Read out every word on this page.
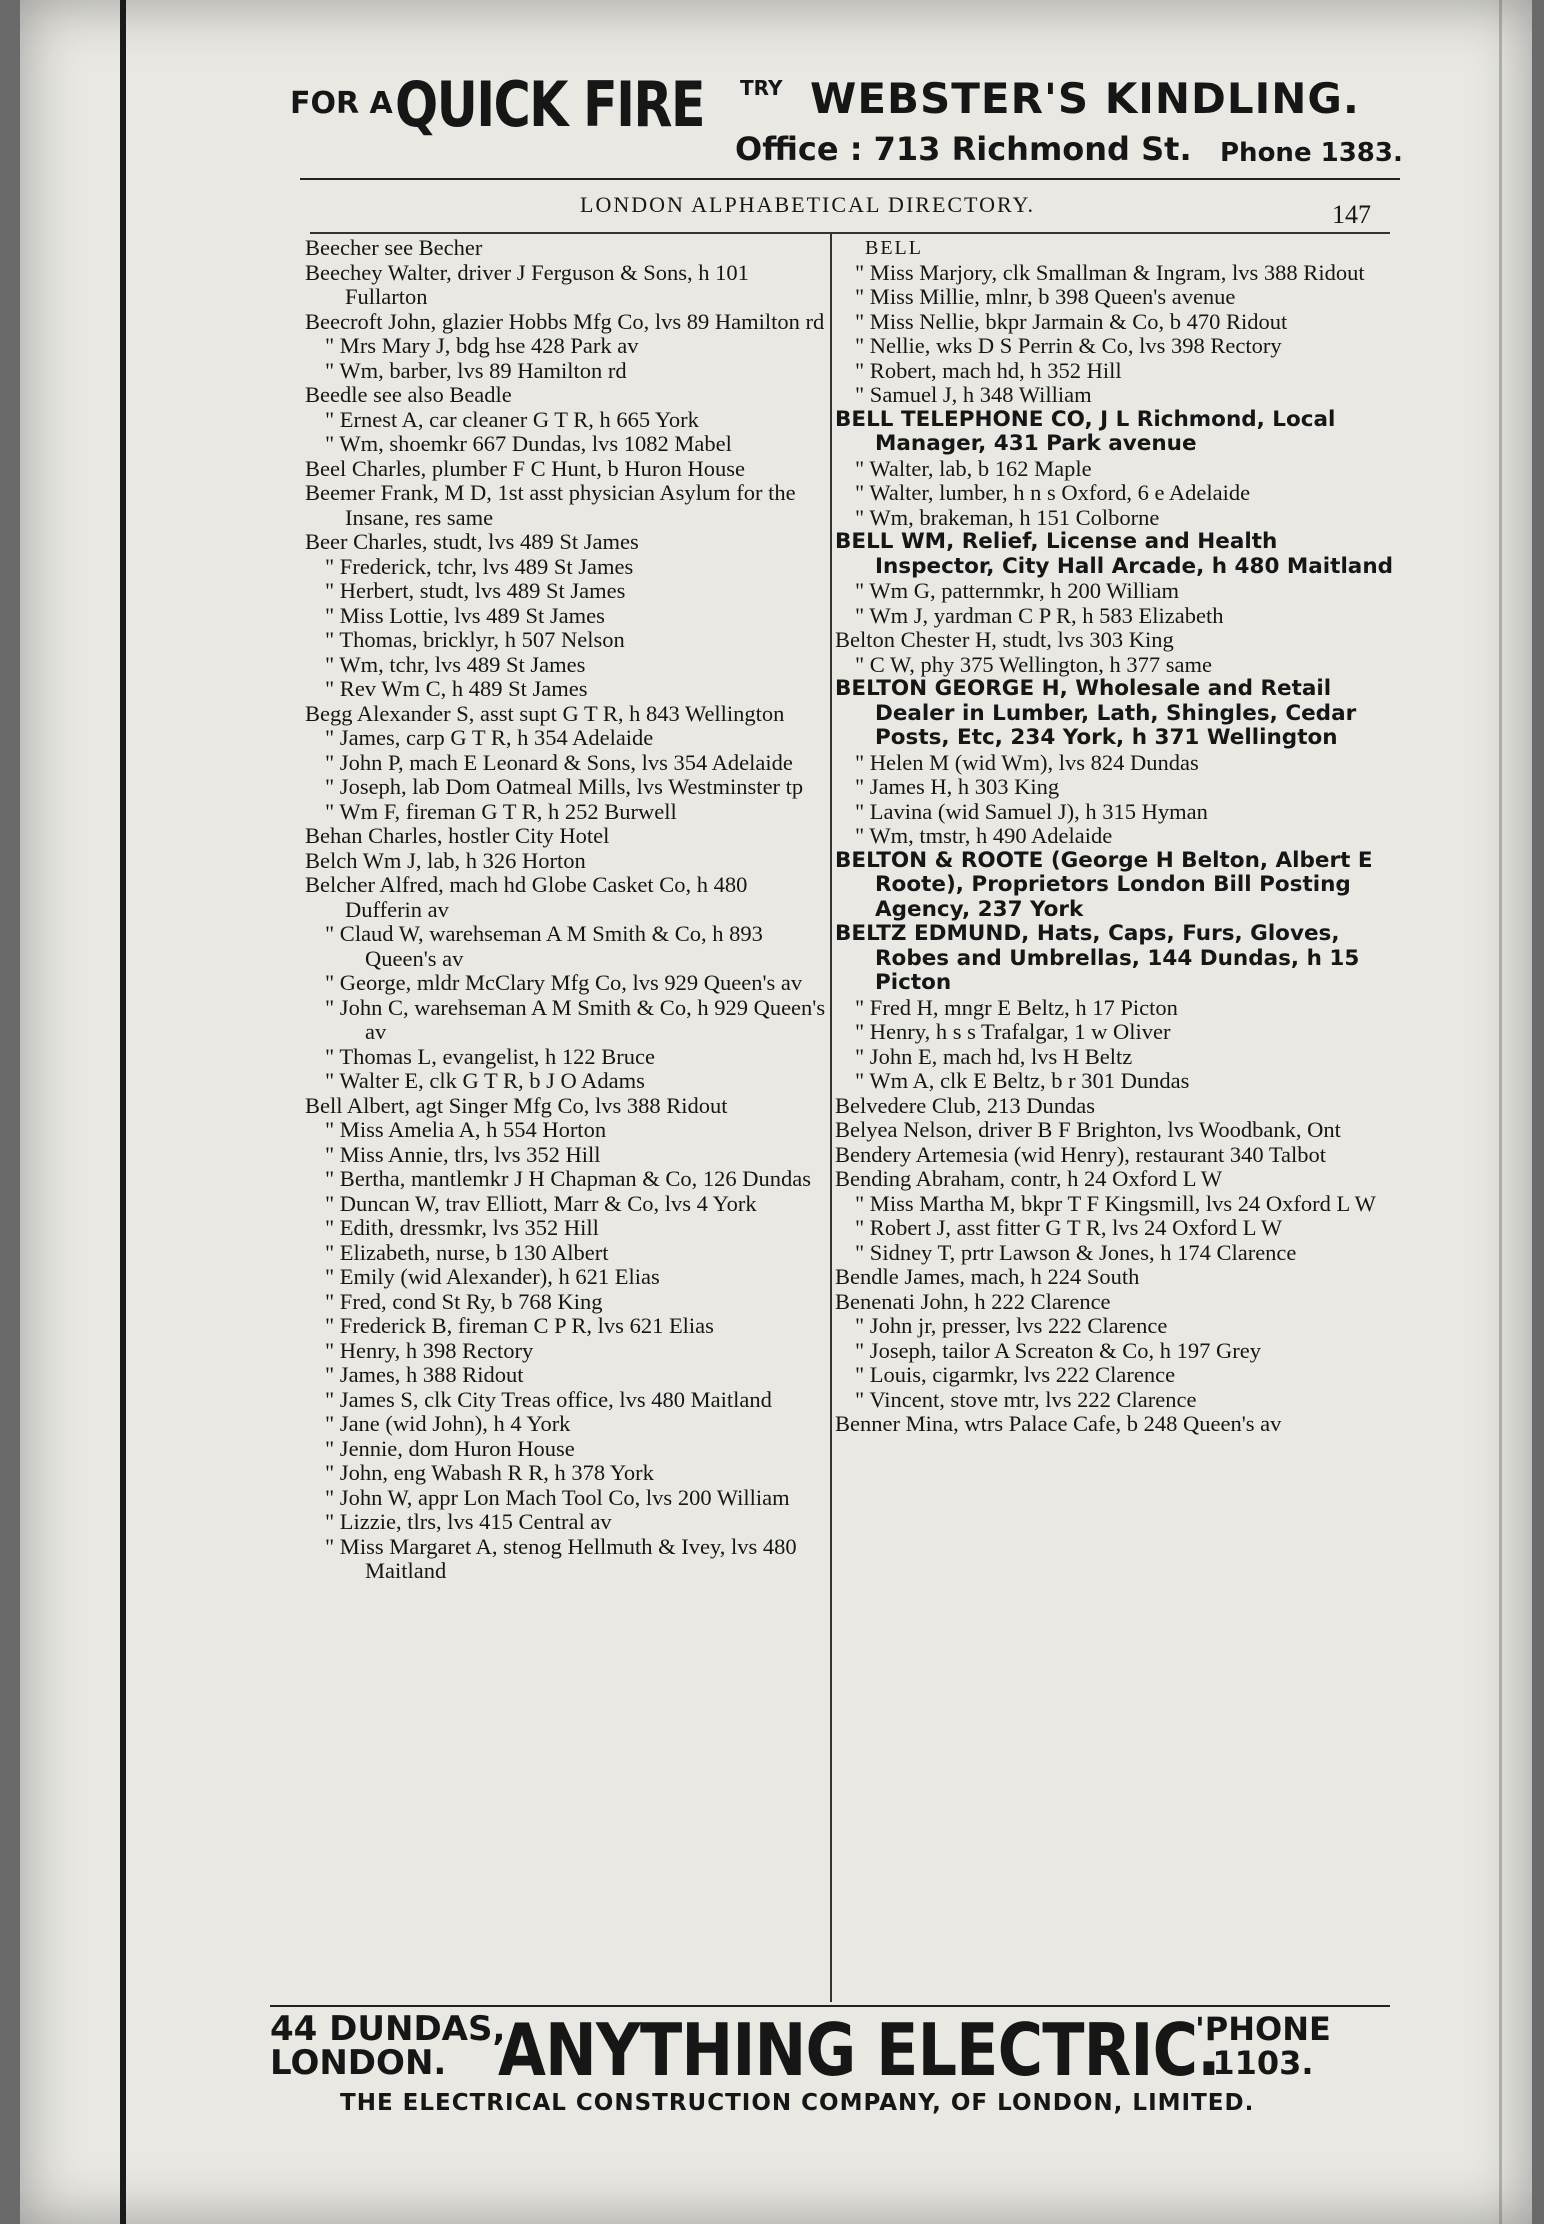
FOR A QUICK FIRE TRY WEBSTER'S KINDLING.
Office : 713 Richmond St. Phone 1383.
LONDON ALPHABETICAL DIRECTORY.	147

Beecher see Becher

Beechey Walter, driver J Ferguson & Sons, h 101 Fullarton

Beecroft John, glazier Hobbs Mfg Co, lvs 89 Hamilton rd

" Mrs Mary J, bdg hse 428 Park av

" Wm, barber, lvs 89 Hamilton rd

Beedle see also Beadle

" Ernest A, car cleaner G T R, h 665 York

" Wm, shoemkr 667 Dundas, lvs 1082 Mabel

Beel Charles, plumber F C Hunt, b Huron House

Beemer Frank, M D, 1st asst physician Asylum for the Insane, res same

Beer Charles, studt, lvs 489 St James

" Frederick, tchr, lvs 489 St James

" Herbert, studt, lvs 489 St James

" Miss Lottie, lvs 489 St James

" Thomas, bricklyr, h 507 Nelson

" Wm, tchr, lvs 489 St James

" Rev Wm C, h 489 St James

Begg Alexander S, asst supt G T R, h 843 Wellington

" James, carp G T R, h 354 Adelaide

" John P, mach E Leonard & Sons, lvs 354 Adelaide

" Joseph, lab Dom Oatmeal Mills, lvs Westminster tp

" Wm F, fireman G T R, h 252 Burwell

Behan Charles, hostler City Hotel

Belch Wm J, lab, h 326 Horton

Belcher Alfred, mach hd Globe Casket Co, h 480 Dufferin av

" Claud W, warehseman A M Smith & Co, h 893 Queen's av

" George, mldr McClary Mfg Co, lvs 929 Queen's av

" John C, warehseman A M Smith & Co, h 929 Queen's av

" Thomas L, evangelist, h 122 Bruce

" Walter E, clk G T R, b J O Adams

Bell Albert, agt Singer Mfg Co, lvs 388 Ridout

" Miss Amelia A, h 554 Horton

" Miss Annie, tlrs, lvs 352 Hill

" Bertha, mantlemkr J H Chapman & Co, 126 Dundas

" Duncan W, trav Elliott, Marr & Co, lvs 4 York

" Edith, dressmkr, lvs 352 Hill

" Elizabeth, nurse, b 130 Albert

" Emily (wid Alexander), h 621 Elias

" Fred, cond St Ry, b 768 King

" Frederick B, fireman C P R, lvs 621 Elias

" Henry, h 398 Rectory

" James, h 388 Ridout

" James S, clk City Treas office, lvs 480 Maitland

" Jane (wid John), h 4 York

" Jennie, dom Huron House

" John, eng Wabash R R, h 378 York

" John W, appr Lon Mach Tool Co, lvs 200 William

" Lizzie, tlrs, lvs 415 Central av

" Miss Margaret A, stenog Hellmuth & Ivey, lvs 480 Maitland

BELL

" Miss Marjory, clk Smallman & Ingram, lvs 388 Ridout

" Miss Millie, mlnr, b 398 Queen's avenue

" Miss Nellie, bkpr Jarmain & Co, b 470 Ridout

" Nellie, wks D S Perrin & Co, lvs 398 Rectory

" Robert, mach hd, h 352 Hill

" Samuel J, h 348 William

BELL TELEPHONE CO, J L Richmond, Local Manager, 431 Park avenue

" Walter, lab, b 162 Maple

" Walter, lumber, h n s Oxford, 6 e Adelaide

" Wm, brakeman, h 151 Colborne

BELL WM, Relief, License and Health Inspector, City Hall Arcade, h 480 Maitland

" Wm G, patternmkr, h 200 William

" Wm J, yardman C P R, h 583 Elizabeth

Belton Chester H, studt, lvs 303 King

" C W, phy 375 Wellington, h 377 same

BELTON GEORGE H, Wholesale and Retail Dealer in Lumber, Lath, Shingles, Cedar Posts, Etc, 234 York, h 371 Wellington

" Helen M (wid Wm), lvs 824 Dundas

" James H, h 303 King

" Lavina (wid Samuel J), h 315 Hyman

" Wm, tmstr, h 490 Adelaide

BELTON & ROOTE (George H Belton, Albert E Roote), Proprietors London Bill Posting Agency, 237 York

BELTZ EDMUND, Hats, Caps, Furs, Gloves, Robes and Umbrellas, 144 Dundas, h 15 Picton

" Fred H, mngr E Beltz, h 17 Picton

" Henry, h s s Trafalgar, 1 w Oliver

" John E, mach hd, lvs H Beltz

" Wm A, clk E Beltz, b r 301 Dundas

Belvedere Club, 213 Dundas

Belyea Nelson, driver B F Brighton, lvs Woodbank, Ont

Bendery Artemesia (wid Henry), restaurant 340 Talbot

Bending Abraham, contr, h 24 Oxford L W

" Miss Martha M, bkpr T F Kingsmill, lvs 24 Oxford L W

" Robert J, asst fitter G T R, lvs 24 Oxford L W

" Sidney T, prtr Lawson & Jones, h 174 Clarence

Bendle James, mach, h 224 South

Benenati John, h 222 Clarence

" John jr, presser, lvs 222 Clarence

" Joseph, tailor A Screaton & Co, h 197 Grey

" Louis, cigarmkr, lvs 222 Clarence

" Vincent, stove mtr, lvs 222 Clarence

Benner Mina, wtrs Palace Cafe, b 248 Queen's av

44 DUNDAS,
LONDON. ANYTHING ELECTRIC.
'PHONE
1103.
THE ELECTRICAL CONSTRUCTION COMPANY, OF LONDON, LIMITED.
